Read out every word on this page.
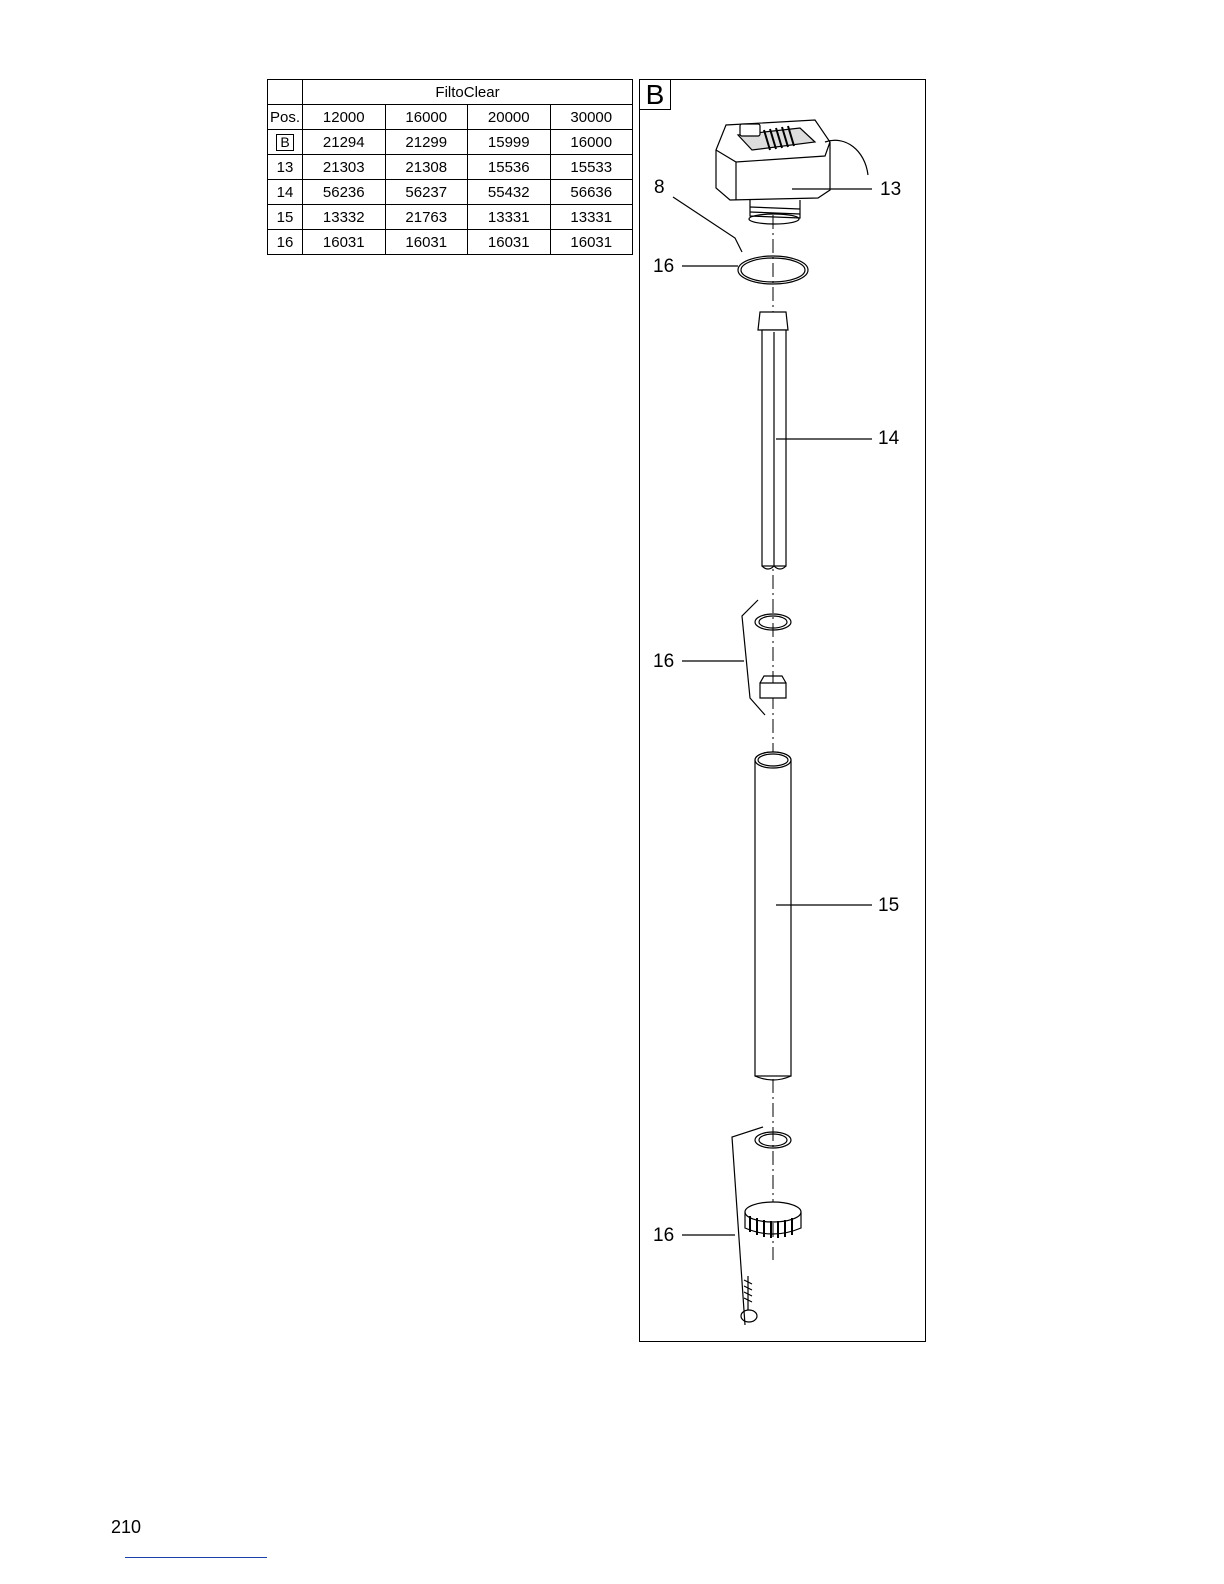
	FiltoClear			
Pos.	12000	16000	20000	30000
B	21294	21299	15999	16000
13	21303	21308	15536	15533
14	56236	56237	55432	56636
15	13332	21763	13331	13331
16	16031	16031	16031	16031
B
8	13
16
14
16
15
16
210
